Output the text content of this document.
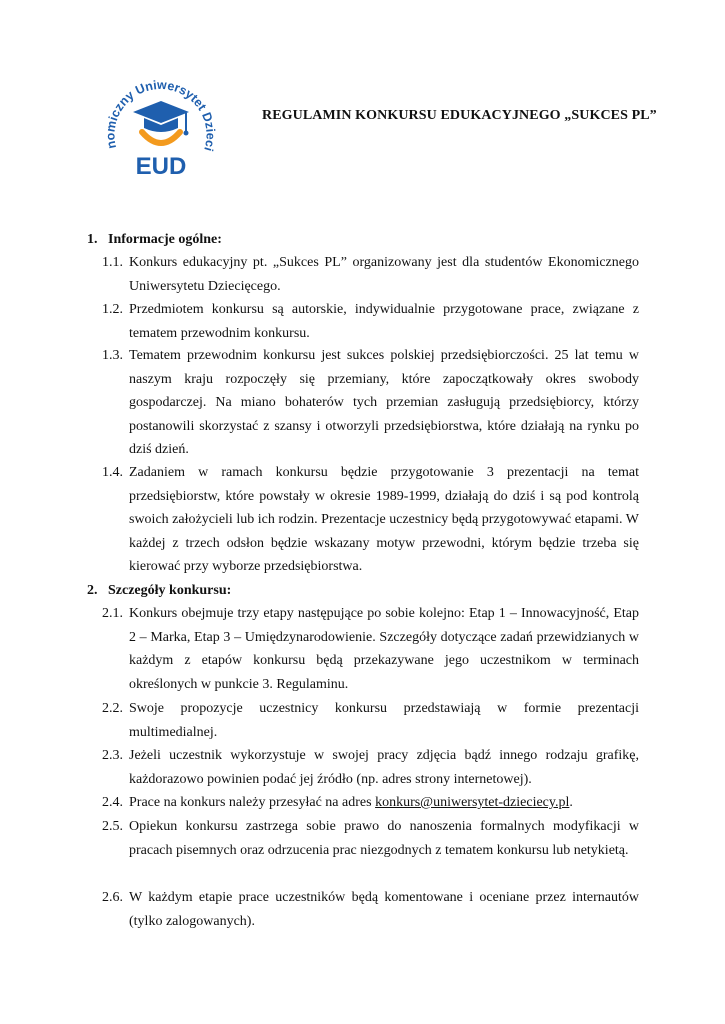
nomiczny Uniwersytet Dzieci
EUD
REGULAMIN KONKURSU EDUKACYJNEGO „SUKCES PL”
1. Informacje ogólne:
1.1. Konkurs edukacyjny pt. „Sukces PL” organizowany jest dla studentów Ekonomicznego Uniwersytetu Dziecięcego.
1.2. Przedmiotem konkursu są autorskie, indywidualnie przygotowane prace, związane z tematem przewodnim konkursu.
1.3. Tematem przewodnim konkursu jest sukces polskiej przedsiębiorczości. 25 lat temu w naszym kraju rozpoczęły się przemiany, które zapoczątkowały okres swobody gospodarczej. Na miano bohaterów tych przemian zasługują przedsiębiorcy, którzy postanowili skorzystać z szansy i otworzyli przedsiębiorstwa, które działają na rynku po dziś dzień.
1.4. Zadaniem w ramach konkursu będzie przygotowanie 3 prezentacji na temat przedsiębiorstw, które powstały w okresie 1989-1999, działają do dziś i są pod kontrolą swoich założycieli lub ich rodzin. Prezentacje uczestnicy będą przygotowywać etapami. W każdej z trzech odsłon będzie wskazany motyw przewodni, którym będzie trzeba się kierować przy wyborze przedsiębiorstwa.
2. Szczegóły konkursu:
2.1. Konkurs obejmuje trzy etapy następujące po sobie kolejno: Etap 1 – Innowacyjność, Etap 2 – Marka, Etap 3 – Umiędzynarodowienie. Szczegóły dotyczące zadań przewidzianych w każdym z etapów konkursu będą przekazywane jego uczestnikom w terminach określonych w punkcie 3. Regulaminu.
2.2. Swoje propozycje uczestnicy konkursu przedstawiają w formie prezentacji multimedialnej.
2.3. Jeżeli uczestnik wykorzystuje w swojej pracy zdjęcia bądź innego rodzaju grafikę, każdorazowo powinien podać jej źródło (np. adres strony internetowej).
2.4. Prace na konkurs należy przesyłać na adres konkurs@uniwersytet-dzieciecy.pl.
2.5. Opiekun konkursu zastrzega sobie prawo do nanoszenia formalnych modyfikacji w pracach pisemnych oraz odrzucenia prac niezgodnych z tematem konkursu lub netykietą.
2.6. W każdym etapie prace uczestników będą komentowane i oceniane przez internautów (tylko zalogowanych).
